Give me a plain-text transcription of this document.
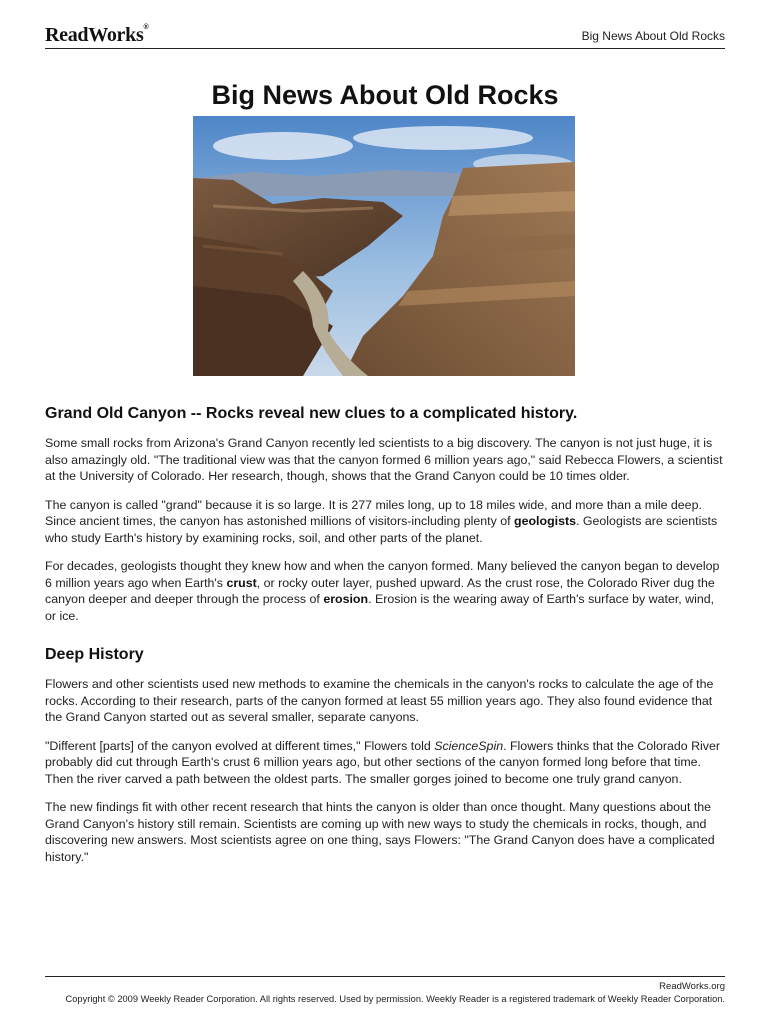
ReadWorks®
Big News About Old Rocks
Big News About Old Rocks
Grand Old Canyon -- Rocks reveal new clues to a complicated history.

Some small rocks from Arizona's Grand Canyon recently led scientists to a big discovery. The canyon is not just huge, it is also amazingly old. "The traditional view was that the canyon formed 6 million years ago," said Rebecca Flowers, a scientist at the University of Colorado. Her research, though, shows that the Grand Canyon could be 10 times older.

The canyon is called "grand" because it is so large. It is 277 miles long, up to 18 miles wide, and more than a mile deep. Since ancient times, the canyon has astonished millions of visitors-including plenty of geologists. Geologists are scientists who study Earth's history by examining rocks, soil, and other parts of the planet.

For decades, geologists thought they knew how and when the canyon formed. Many believed the canyon began to develop 6 million years ago when Earth's crust, or rocky outer layer, pushed upward. As the crust rose, the Colorado River dug the canyon deeper and deeper through the process of erosion. Erosion is the wearing away of Earth's surface by water, wind, or ice.

Deep History

Flowers and other scientists used new methods to examine the chemicals in the canyon's rocks to calculate the age of the rocks. According to their research, parts of the canyon formed at least 55 million years ago. They also found evidence that the Grand Canyon started out as several smaller, separate canyons.

"Different [parts] of the canyon evolved at different times," Flowers told ScienceSpin. Flowers thinks that the Colorado River probably did cut through Earth's crust 6 million years ago, but other sections of the canyon formed long before that time. Then the river carved a path between the oldest parts. The smaller gorges joined to become one truly grand canyon.

The new findings fit with other recent research that hints the canyon is older than once thought. Many questions about the Grand Canyon's history still remain. Scientists are coming up with new ways to study the chemicals in rocks, though, and discovering new answers. Most scientists agree on one thing, says Flowers: "The Grand Canyon does have a complicated history."

ReadWorks.org
Copyright © 2009 Weekly Reader Corporation. All rights reserved. Used by permission. Weekly Reader is a registered trademark of Weekly Reader Corporation.
